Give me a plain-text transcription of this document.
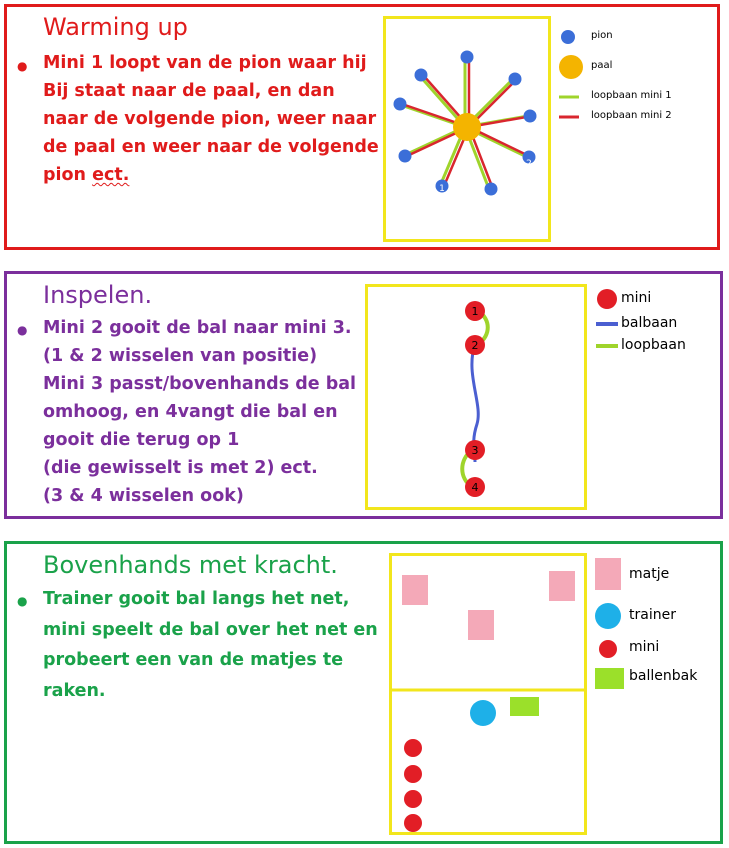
Warming up
● Mini 1 loopt van de pion waar hij
Bij staat naar de paal, en dan
naar de volgende pion, weer naar
de paal en weer naar de volgende
pion ect.
1
2
pion
paal
loopbaan mini 1
loopbaan mini 2
Inspelen.
● Mini 2 gooit de bal naar mini 3.
(1 & 2 wisselen van positie)
Mini 3 passt/bovenhands de bal
omhoog, en 4vangt die bal en
gooit die terug op 1
(die gewisselt is met 2) ect.
(3 & 4 wisselen ook)
1
2
3
4
mini
balbaan
loopbaan
Bovenhands met kracht.
● Trainer gooit bal langs het net,
mini speelt de bal over het net en
probeert een van de matjes te
raken.
matje
trainer
mini
ballenbak
